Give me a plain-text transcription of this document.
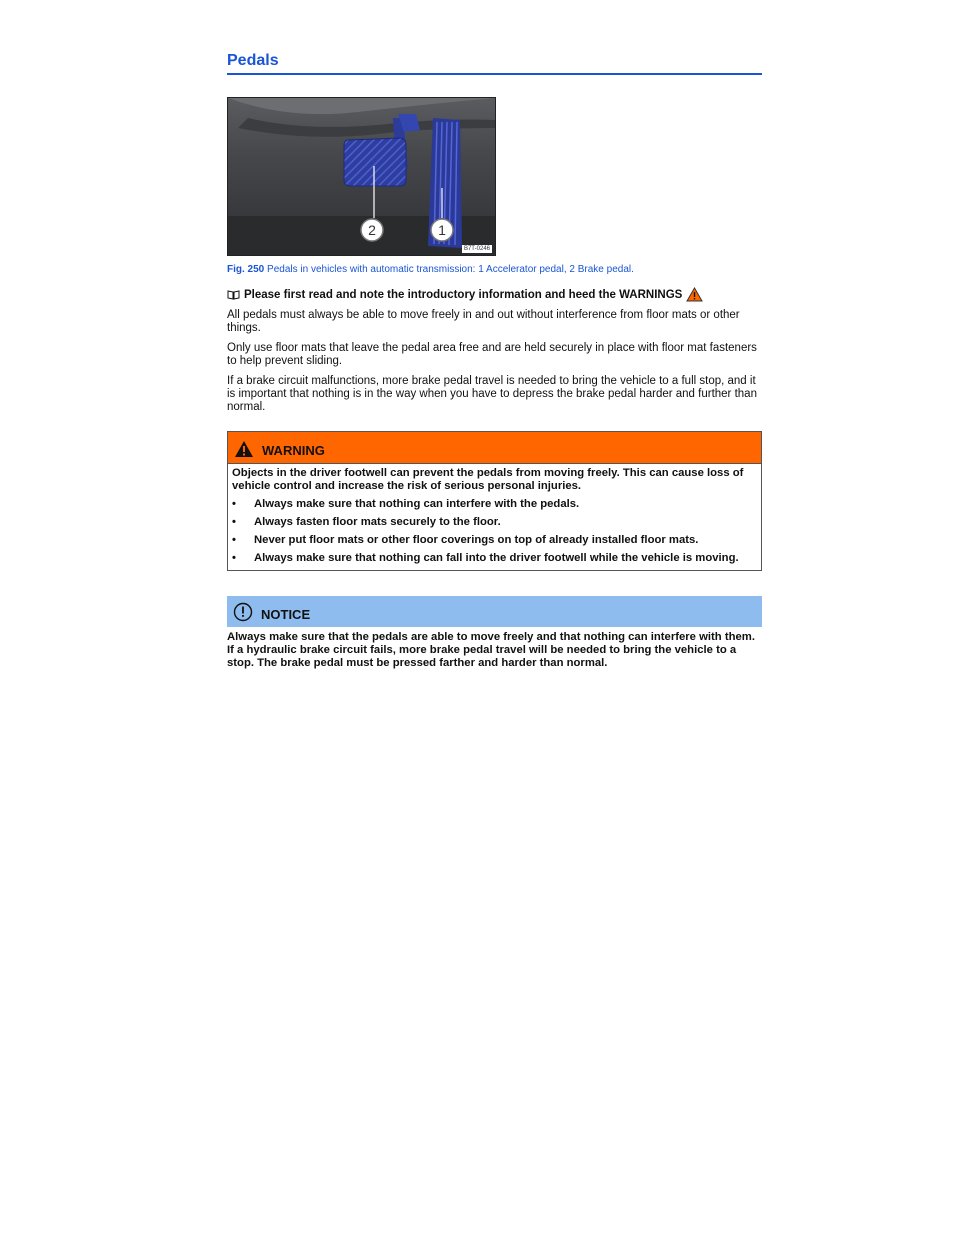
Pedals
2	1
B7T-0246
Fig. 250 Pedals in vehicles with automatic transmission: 1 Accelerator pedal, 2 Brake pedal.
Please first read and note the introductory information and heed the WARNINGS

All pedals must always be able to move freely in and out without interference from floor mats or other things.

Only use floor mats that leave the pedal area free and are held securely in place with floor mat fasteners to help prevent sliding.

If a brake circuit malfunctions, more brake pedal travel is needed to bring the vehicle to a full stop, and it is important that nothing is in the way when you have to depress the brake pedal harder and further than normal.

WARNING
Objects in the driver footwell can prevent the pedals from moving freely. This can cause loss of vehicle control and increase the risk of serious personal injuries.
•	Always make sure that nothing can interfere with the pedals.
•	Always fasten floor mats securely to the floor.
•	Never put floor mats or other floor coverings on top of already installed floor mats.
•	Always make sure that nothing can fall into the driver footwell while the vehicle is moving.
NOTICE
Always make sure that the pedals are able to move freely and that nothing can interfere with them. If a hydraulic brake circuit fails, more brake pedal travel will be needed to bring the vehicle to a stop. The brake pedal must be pressed farther and harder than normal.
